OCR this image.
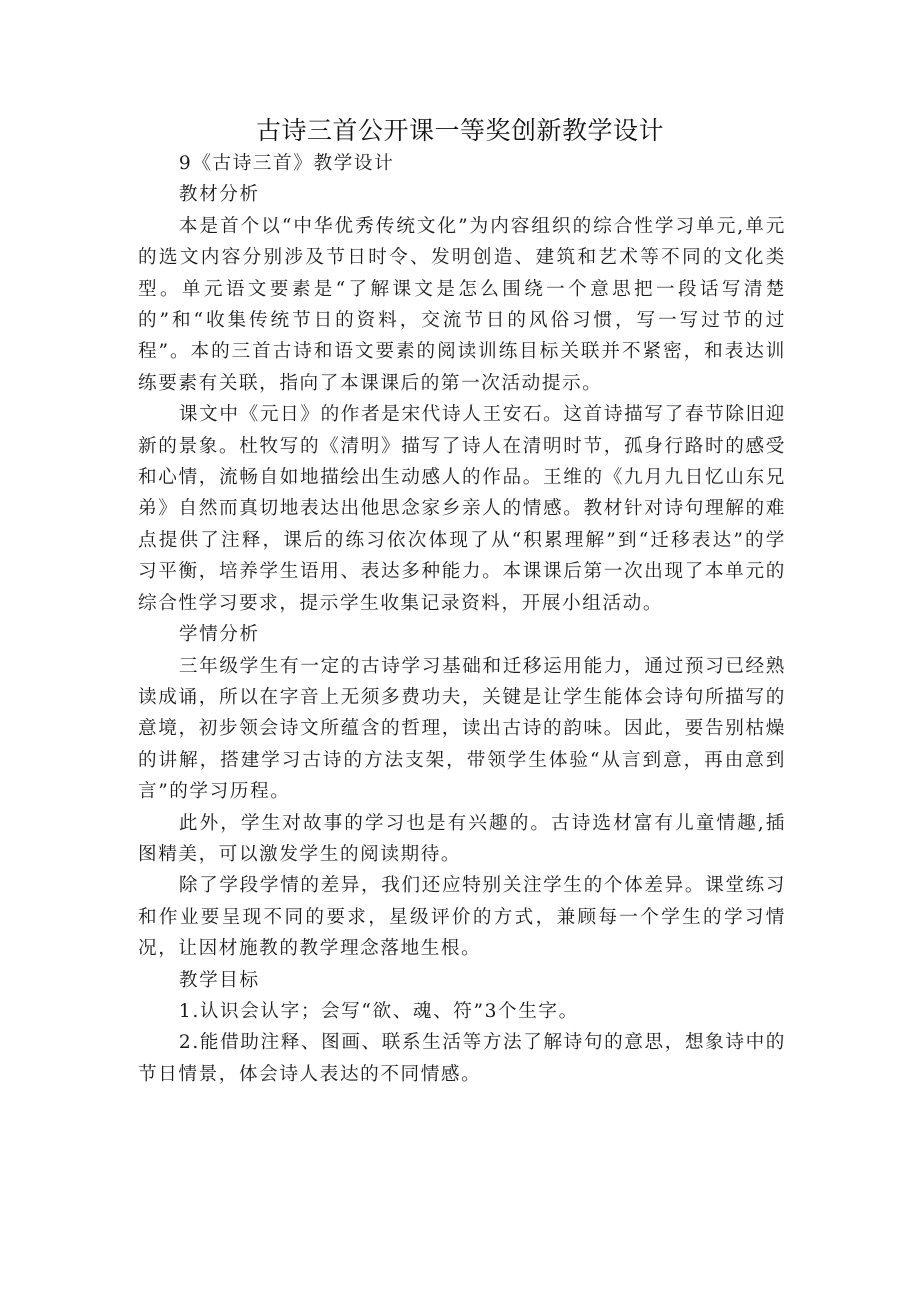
古诗三首公开课一等奖创新教学设计

9《古诗三首》教学设计

教材分析

本是首个以“中华优秀传统文化”为内容组织的综合性学习单元,单元的选文内容分别涉及节日时令、发明创造、建筑和艺术等不同的文化类型。单元语文要素是“了解课文是怎么围绕一个意思把一段话写清楚的”和“收集传统节日的资料，交流节日的风俗习惯，写一写过节的过程”。本的三首古诗和语文要素的阅读训练目标关联并不紧密，和表达训练要素有关联，指向了本课课后的第一次活动提示。

课文中《元日》的作者是宋代诗人王安石。这首诗描写了春节除旧迎新的景象。杜牧写的《清明》描写了诗人在清明时节，孤身行路时的感受和心情，流畅自如地描绘出生动感人的作品。王维的《九月九日忆山东兄弟》自然而真切地表达出他思念家乡亲人的情感。教材针对诗句理解的难点提供了注释，课后的练习依次体现了从“积累理解”到“迁移表达”的学习平衡，培养学生语用、表达多种能力。本课课后第一次出现了本单元的综合性学习要求，提示学生收集记录资料，开展小组活动。

学情分析

三年级学生有一定的古诗学习基础和迁移运用能力，通过预习已经熟读成诵，所以在字音上无须多费功夫，关键是让学生能体会诗句所描写的意境，初步领会诗文所蕴含的哲理，读出古诗的韵味。因此，要告别枯燥的讲解，搭建学习古诗的方法支架，带领学生体验“从言到意，再由意到言”的学习历程。

此外，学生对故事的学习也是有兴趣的。古诗选材富有儿童情趣,插图精美，可以激发学生的阅读期待。

除了学段学情的差异，我们还应特别关注学生的个体差异。课堂练习和作业要呈现不同的要求，星级评价的方式，兼顾每一个学生的学习情况，让因材施教的教学理念落地生根。

教学目标

1.认识会认字；会写“欲、魂、符”3个生字。

2.能借助注释、图画、联系生活等方法了解诗句的意思，想象诗中的节日情景，体会诗人表达的不同情感。
